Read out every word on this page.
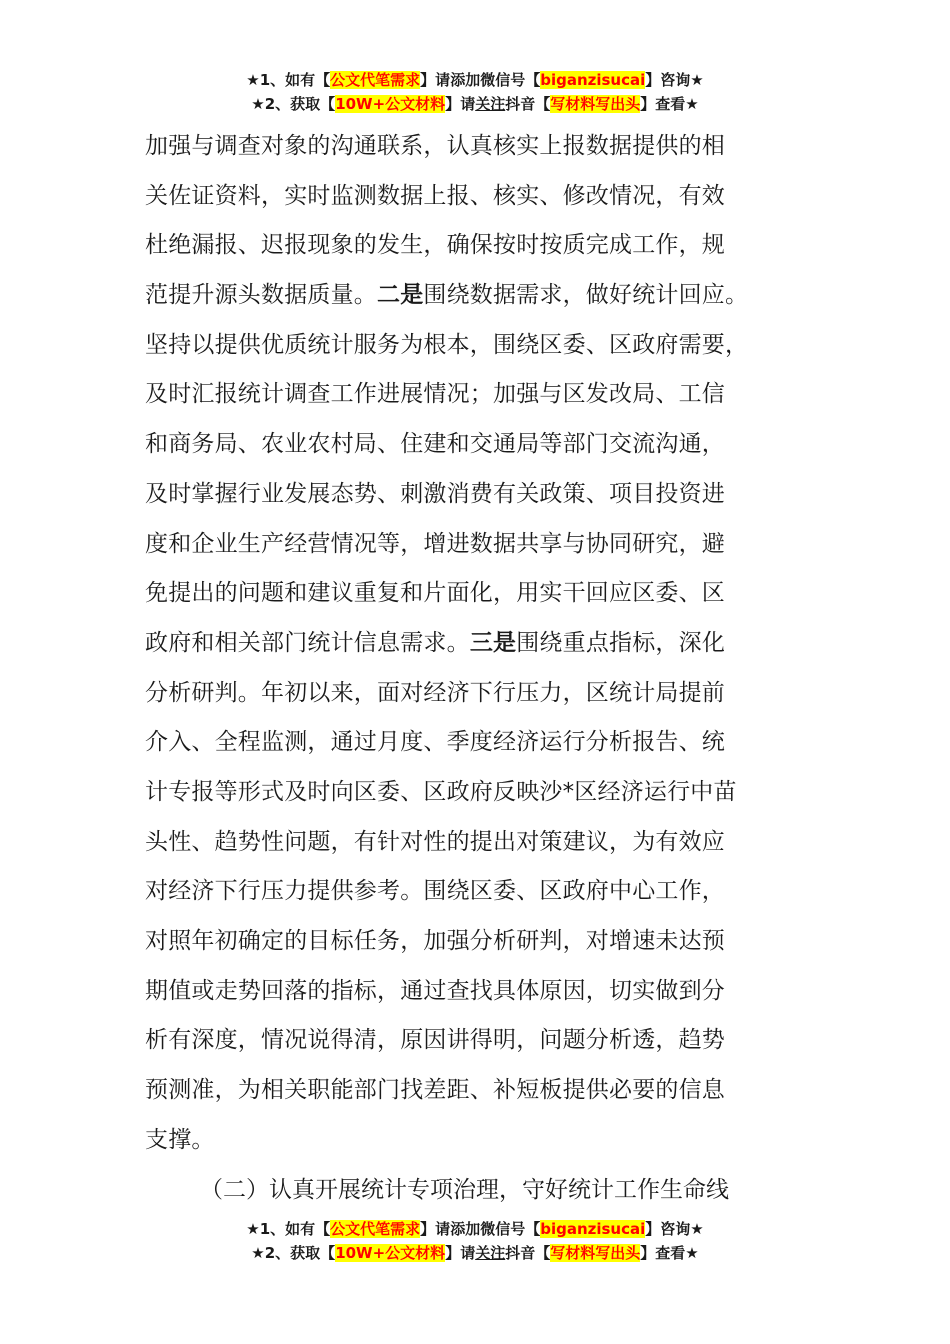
★1、如有【公文代笔需求】请添加微信号【biganzisucai】咨询★
★2、获取【10W+公文材料】请关注抖音【写材料写出头】查看★
加强与调查对象的沟通联系，认真核实上报数据提供的相
关佐证资料，实时监测数据上报、核实、修改情况，有效
杜绝漏报、迟报现象的发生，确保按时按质完成工作，规
范提升源头数据质量。二是围绕数据需求，做好统计回应。
坚持以提供优质统计服务为根本，围绕区委、区政府需要，
及时汇报统计调查工作进展情况；加强与区发改局、工信
和商务局、农业农村局、住建和交通局等部门交流沟通，
及时掌握行业发展态势、刺激消费有关政策、项目投资进
度和企业生产经营情况等，增进数据共享与协同研究，避
免提出的问题和建议重复和片面化，用实干回应区委、区
政府和相关部门统计信息需求。三是围绕重点指标，深化
分析研判。年初以来，面对经济下行压力，区统计局提前
介入、全程监测，通过月度、季度经济运行分析报告、统
计专报等形式及时向区委、区政府反映沙*区经济运行中苗
头性、趋势性问题，有针对性的提出对策建议，为有效应
对经济下行压力提供参考。围绕区委、区政府中心工作，
对照年初确定的目标任务，加强分析研判，对增速未达预
期值或走势回落的指标，通过查找具体原因，切实做到分
析有深度，情况说得清，原因讲得明，问题分析透，趋势
预测准，为相关职能部门找差距、补短板提供必要的信息
支撑。
（二）认真开展统计专项治理，守好统计工作生命线
★1、如有【公文代笔需求】请添加微信号【biganzisucai】咨询★
★2、获取【10W+公文材料】请关注抖音【写材料写出头】查看★
